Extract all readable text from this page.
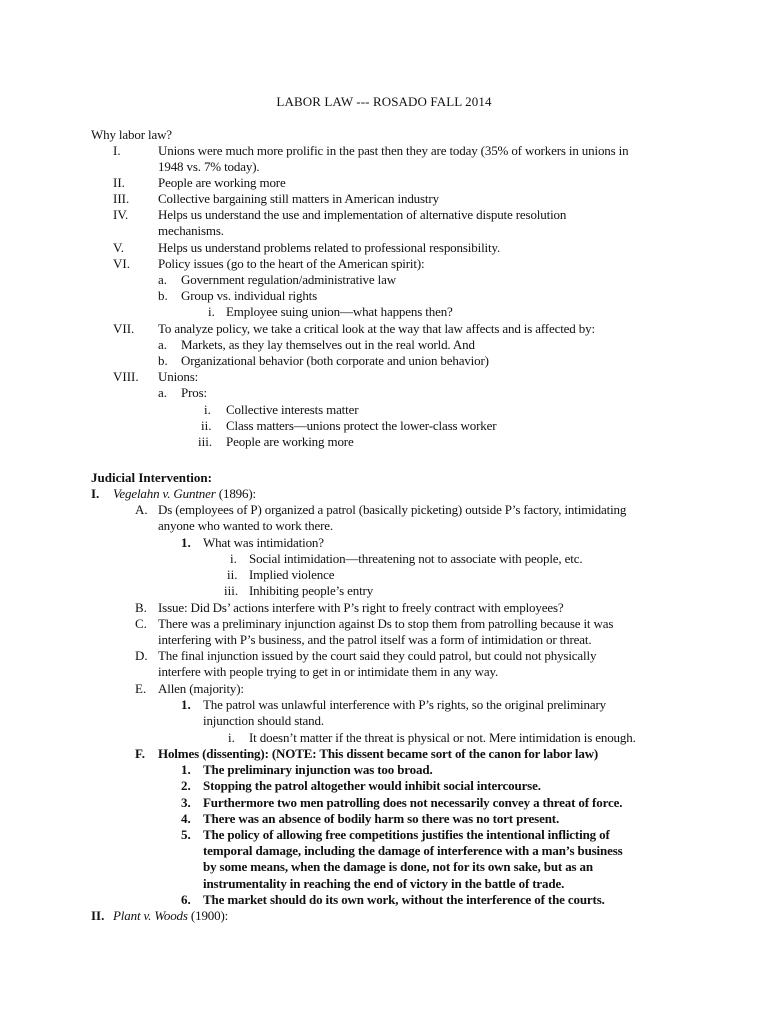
LABOR LAW --- ROSADO FALL 2014
Why labor law?
I.	Unions were much more prolific in the past then they are today (35% of workers in unions in
1948 vs. 7% today).
II.	People are working more
III. Collective bargaining still matters in American industry
IV. Helps us understand the use and implementation of alternative dispute resolution
mechanisms.
V.	Helps us understand problems related to professional responsibility.
VI. Policy issues (go to the heart of the American spirit):
a. Government regulation/administrative law
b. Group vs. individual rights
i. Employee suing union—what happens then?
VII. To analyze policy, we take a critical look at the way that law affects and is affected by:
a. Markets, as they lay themselves out in the real world. And
b. Organizational behavior (both corporate and union behavior)
VIII. Unions:
a. Pros:
i. Collective interests matter
ii. Class matters—unions protect the lower-class worker
iii. People are working more
Judicial Intervention:
I. Vegelahn v. Guntner (1896):
A. Ds (employees of P) organized a patrol (basically picketing) outside P’s factory, intimidating
anyone who wanted to work there.
1. What was intimidation?
i. Social intimidation—threatening not to associate with people, etc.
ii. Implied violence
iii. Inhibiting people’s entry
B. Issue: Did Ds’ actions interfere with P’s right to freely contract with employees?
C. There was a preliminary injunction against Ds to stop them from patrolling because it was
interfering with P’s business, and the patrol itself was a form of intimidation or threat.
D. The final injunction issued by the court said they could patrol, but could not physically
interfere with people trying to get in or intimidate them in any way.
E. Allen (majority):
1. The patrol was unlawful interference with P’s rights, so the original preliminary
injunction should stand.
i. It doesn’t matter if the threat is physical or not. Mere intimidation is enough.
F. Holmes (dissenting): (NOTE: This dissent became sort of the canon for labor law)
1. The preliminary injunction was too broad.
2. Stopping the patrol altogether would inhibit social intercourse.
3. Furthermore two men patrolling does not necessarily convey a threat of force.
4. There was an absence of bodily harm so there was no tort present.
5. The policy of allowing free competitions justifies the intentional inflicting of
temporal damage, including the damage of interference with a man’s business
by some means, when the damage is done, not for its own sake, but as an
instrumentality in reaching the end of victory in the battle of trade.
6. The market should do its own work, without the interference of the courts.
II. Plant v. Woods (1900):
